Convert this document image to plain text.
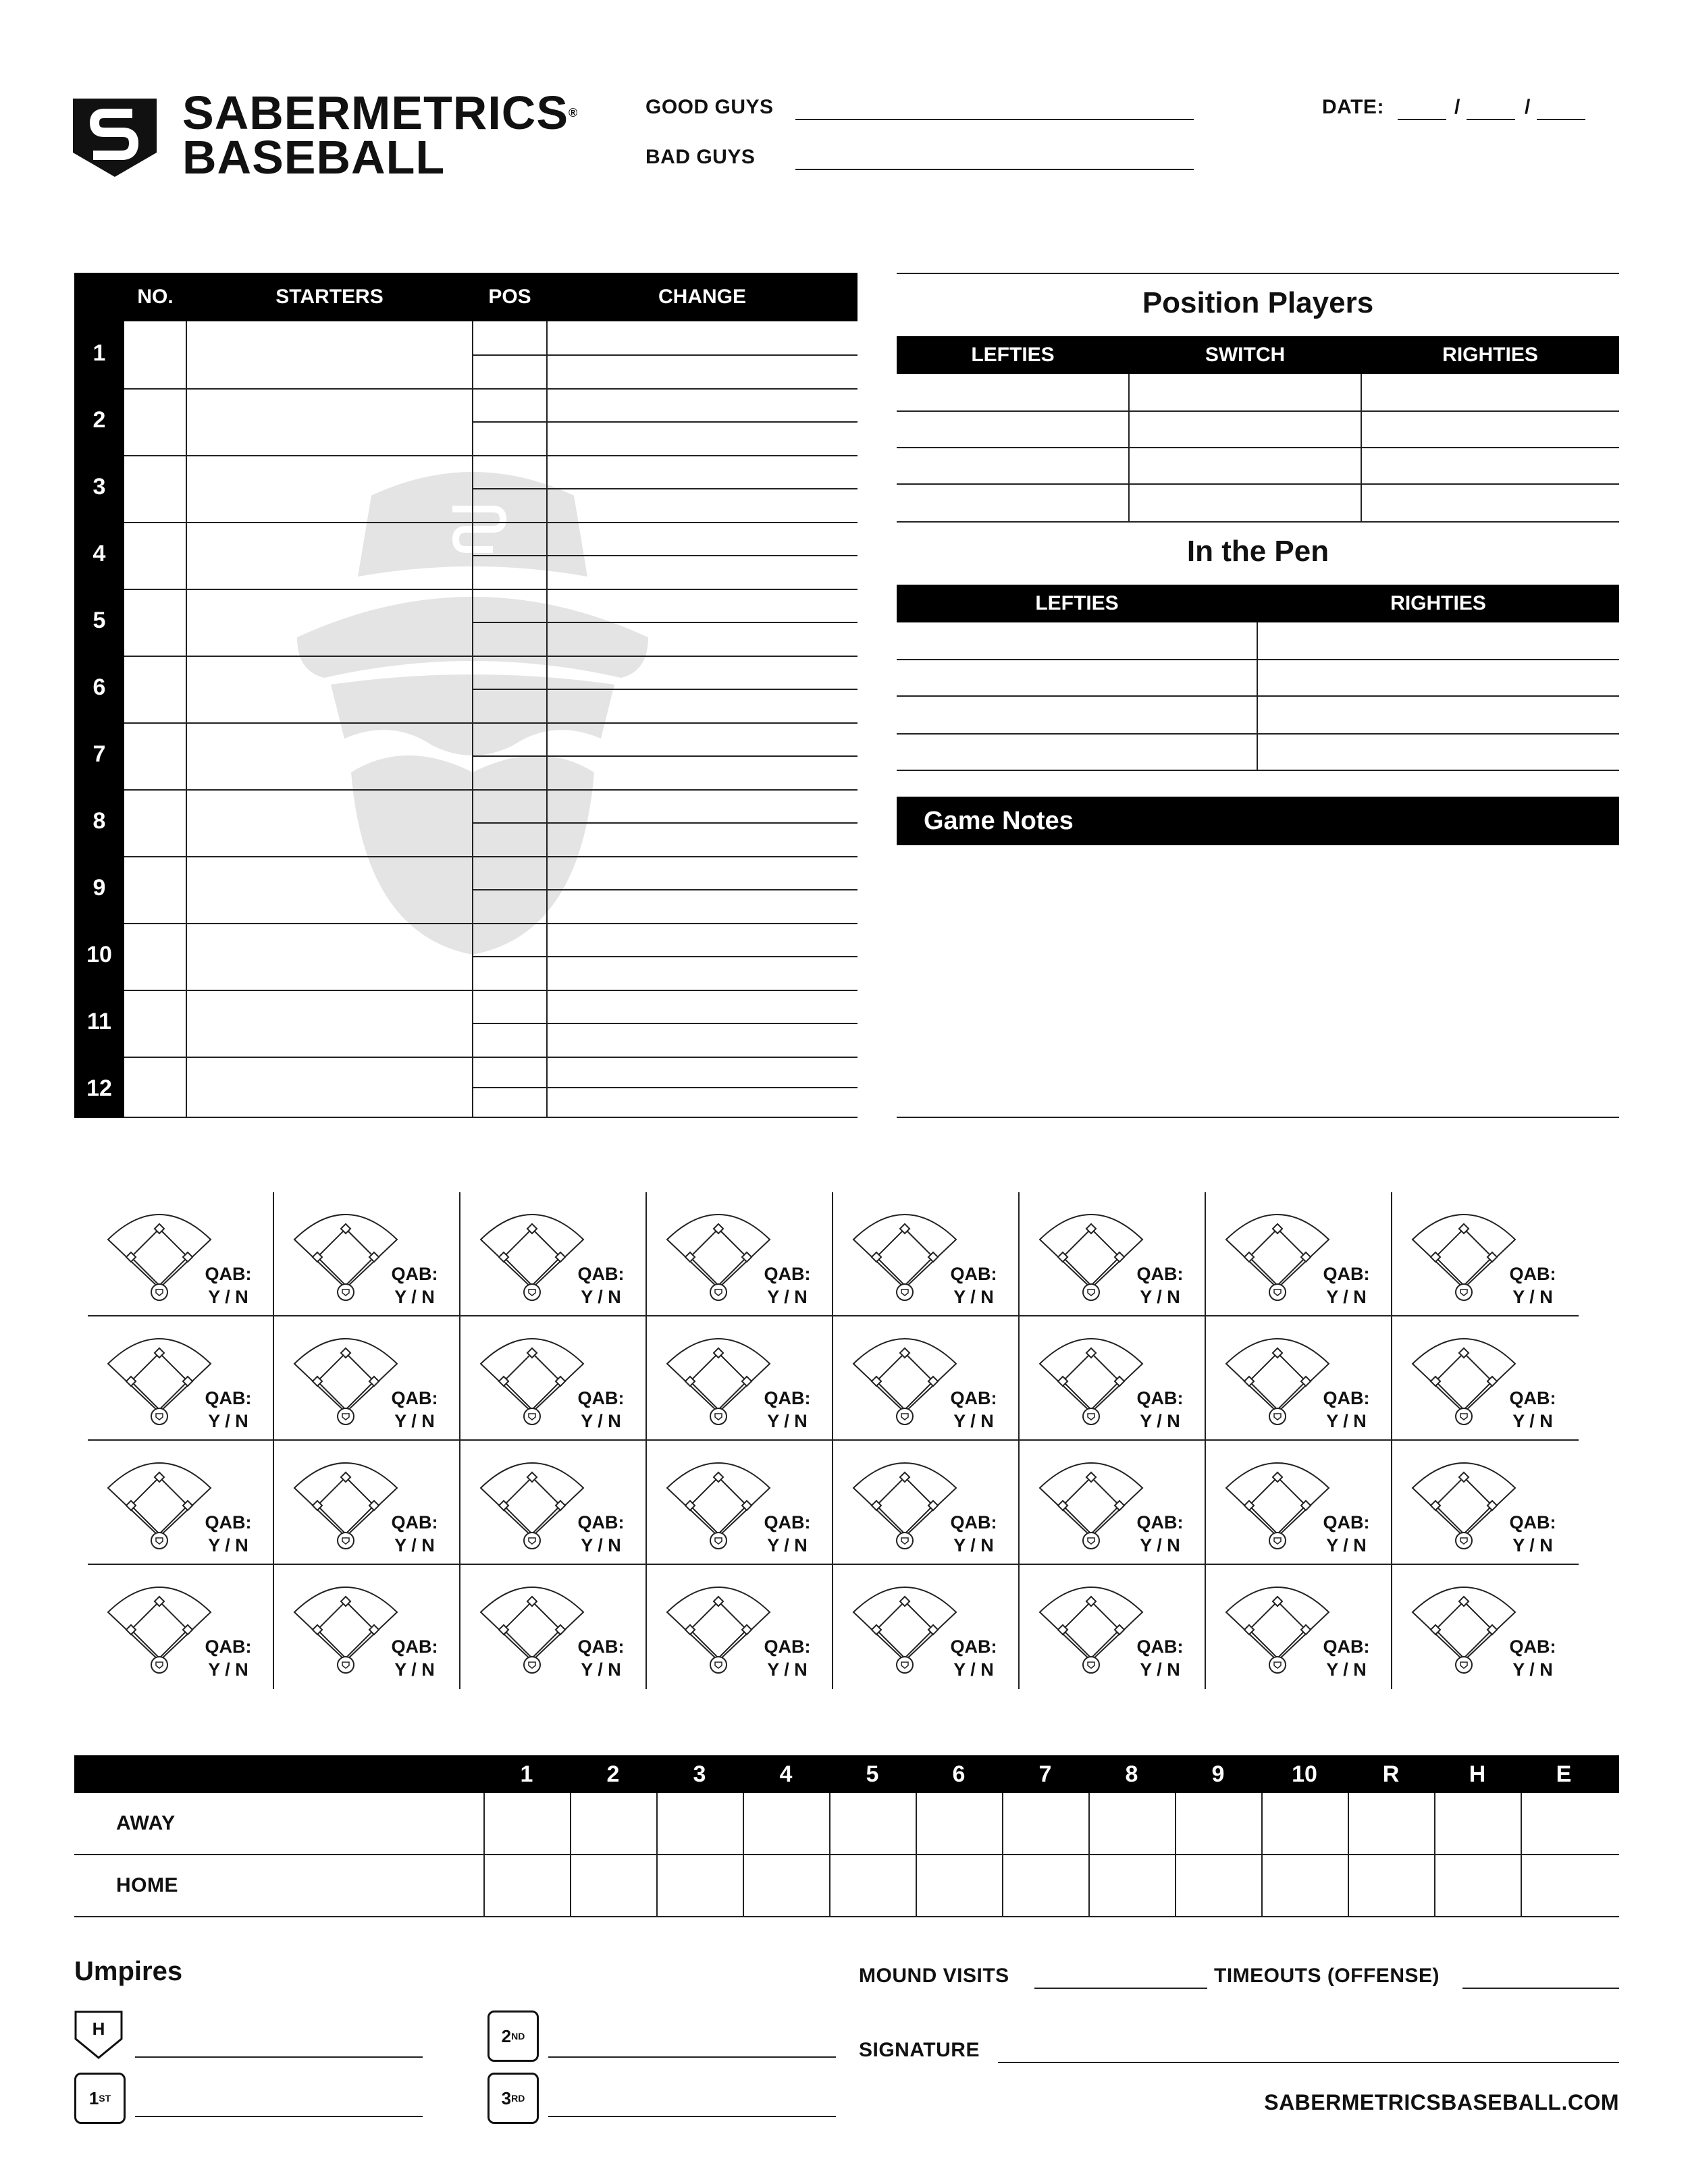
SABERMETRICS®
BASEBALL
GOOD GUYS
BAD GUYS
DATE:	/	/
NO.	STARTERS	POS	CHANGE
1
2
3
4
5
6
7
8
9
10
11
12
Position Players
LEFTIES	SWITCH	RIGHTIES
In the Pen
LEFTIES	RIGHTIES
Game Notes
QAB:
Y / N
QAB:
Y / N
QAB:
Y / N
QAB:
Y / N
QAB:
Y / N
QAB:
Y / N
QAB:
Y / N
QAB:
Y / N
QAB:
Y / N
QAB:
Y / N
QAB:
Y / N
QAB:
Y / N
QAB:
Y / N
QAB:
Y / N
QAB:
Y / N
QAB:
Y / N
QAB:
Y / N
QAB:
Y / N
QAB:
Y / N
QAB:
Y / N
QAB:
Y / N
QAB:
Y / N
QAB:
Y / N
QAB:
Y / N
QAB:
Y / N
QAB:
Y / N
QAB:
Y / N
QAB:
Y / N
QAB:
Y / N
QAB:
Y / N
QAB:
Y / N
QAB:
Y / N
AWAY
HOME
1	2	3	4	5	6	7	8	9	10	R	H	E
Umpires
H
1 ST
2 ND
3 RD
MOUND VISITS	TIMEOUTS (OFFENSE)
SIGNATURE
SABERMETRICSBASEBALL.COM
